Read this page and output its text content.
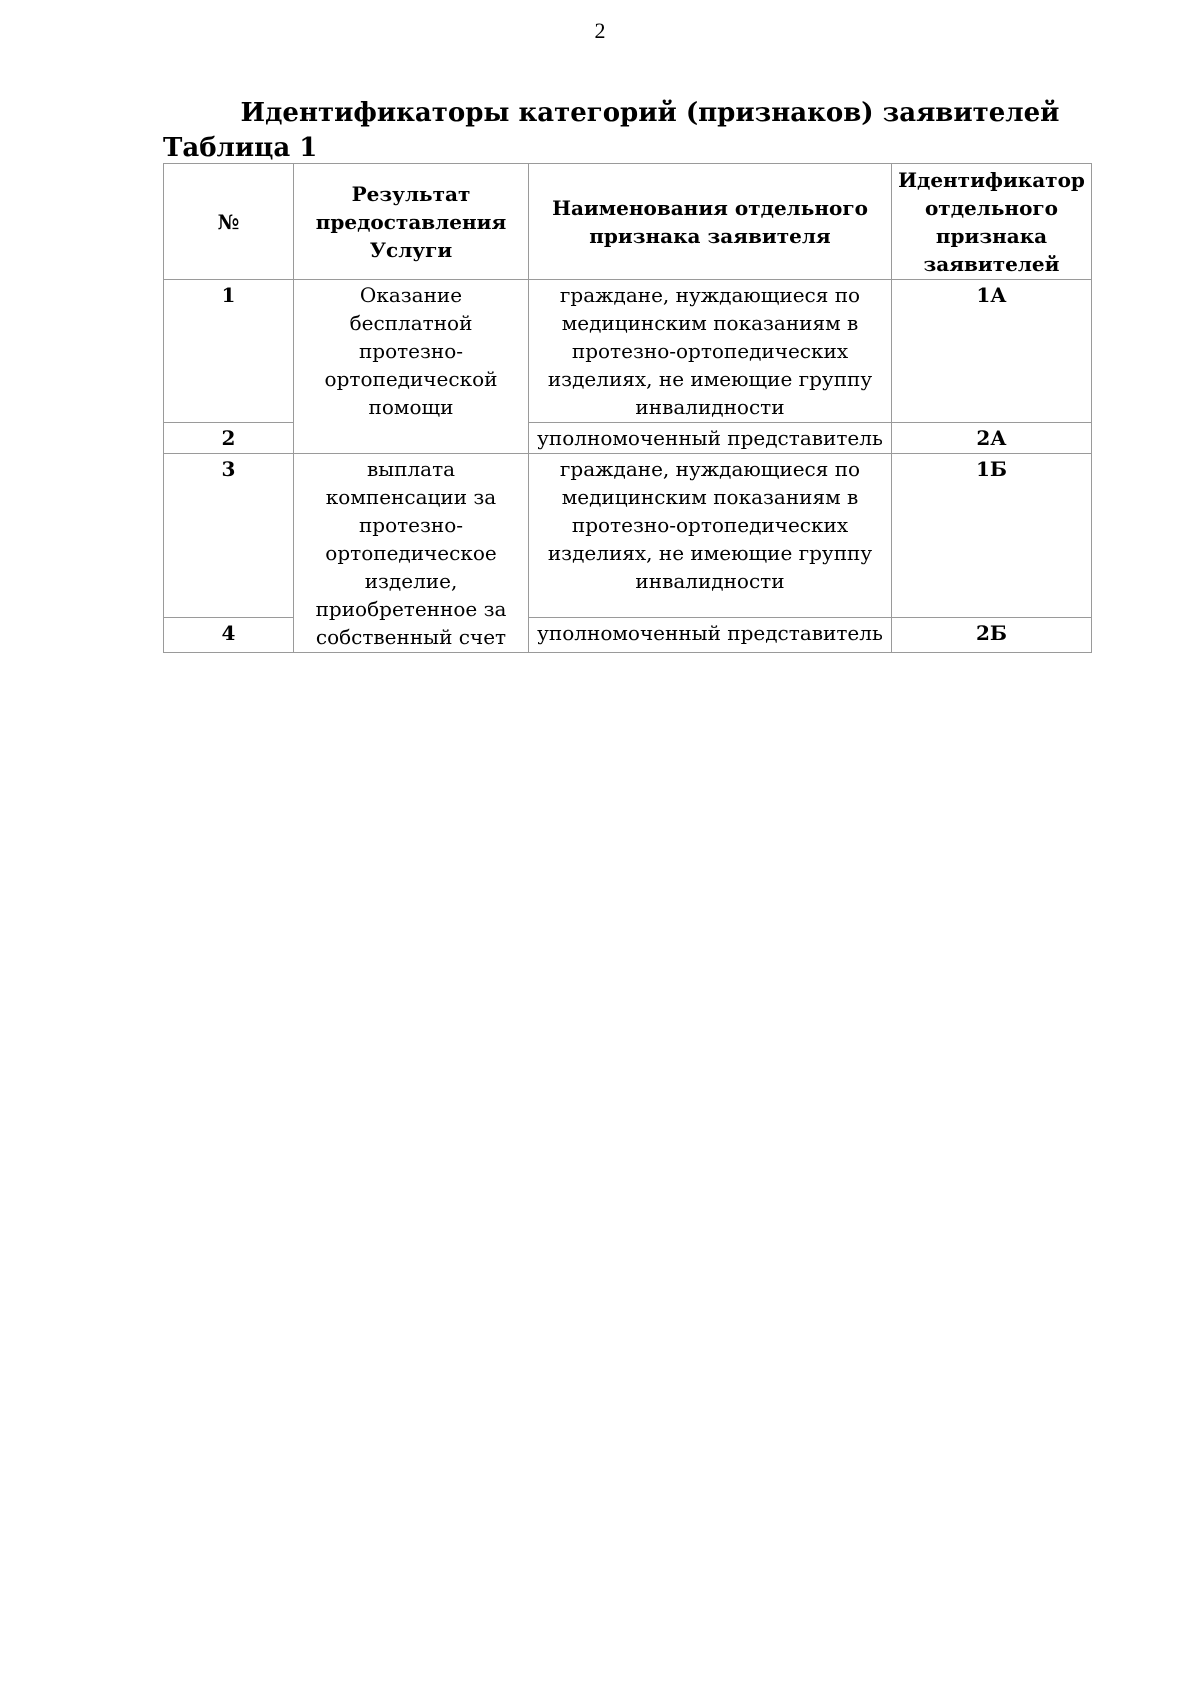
2
Идентификаторы категорий (признаков) заявителей
Таблица 1
№	Результат предоставления Услуги	Наименования отдельного признака заявителя	Идентификатор отдельного признака заявителей
1	Оказание бесплатной протезно-ортопедической помощи	граждане, нуждающиеся по медицинским показаниям в протезно-ортопедических изделиях, не имеющие группу инвалидности	1А
2		уполномоченный представитель	2А
3	выплата компенсации за протезно-ортопедическое изделие, приобретенное за собственный счет	граждане, нуждающиеся по медицинским показаниям в протезно-ортопедических изделиях, не имеющие группу инвалидности	1Б
4		уполномоченный представитель	2Б
